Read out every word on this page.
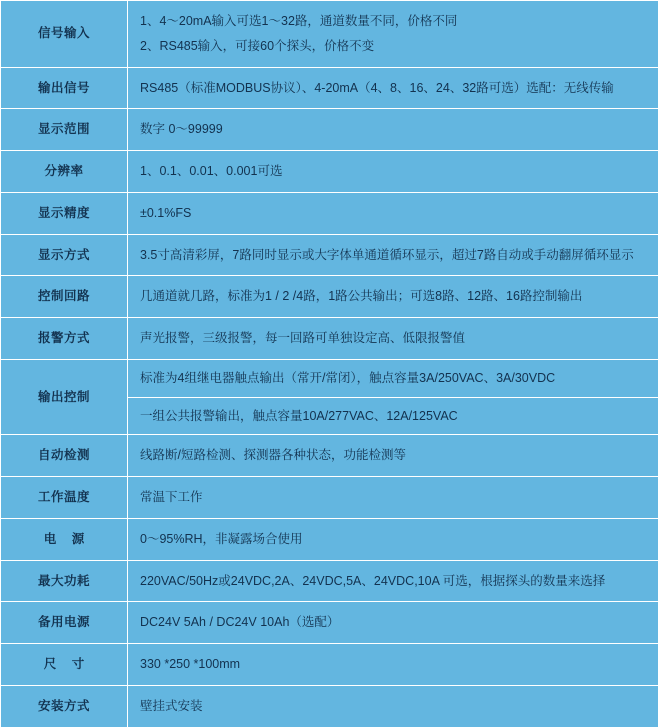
信号输入	1、4～20mA输入可选1～32路，通道数量不同，价格不同
2、RS485输入，可接60个探头，价格不变

输出信号	RS485（标准MODBUS协议）、4-20mA（4、8、16、24、32路可选）选配：无线传输

显示范围	数字 0～99999

分辨率	1、0.1、0.01、0.001可选

显示精度	±0.1%FS

显示方式	3.5寸高清彩屏，7路同时显示或大字体单通道循环显示，超过7路自动或手动翻屏循环显示

控制回路	几通道就几路，标准为1 / 2 /4路，1路公共输出；可选8路、12路、16路控制输出

报警方式	声光报警，三级报警，每一回路可单独设定高、低限报警值

输出控制	标准为4组继电器触点输出（常开/常闭），触点容量3A/250VAC、3A/30VDC
一组公共报警输出，触点容量10A/277VAC、12A/125VAC

自动检测	线路断/短路检测、探测器各种状态，功能检测等

工作温度	常温下工作

电 源	0～95%RH，非凝露场合使用

最大功耗	220VAC/50Hz或24VDC,2A、24VDC,5A、24VDC,10A 可选，根据探头的数量来选择

备用电源	DC24V 5Ah / DC24V 10Ah（选配）

尺 寸	330 *250 *100mm

安装方式	壁挂式安装
